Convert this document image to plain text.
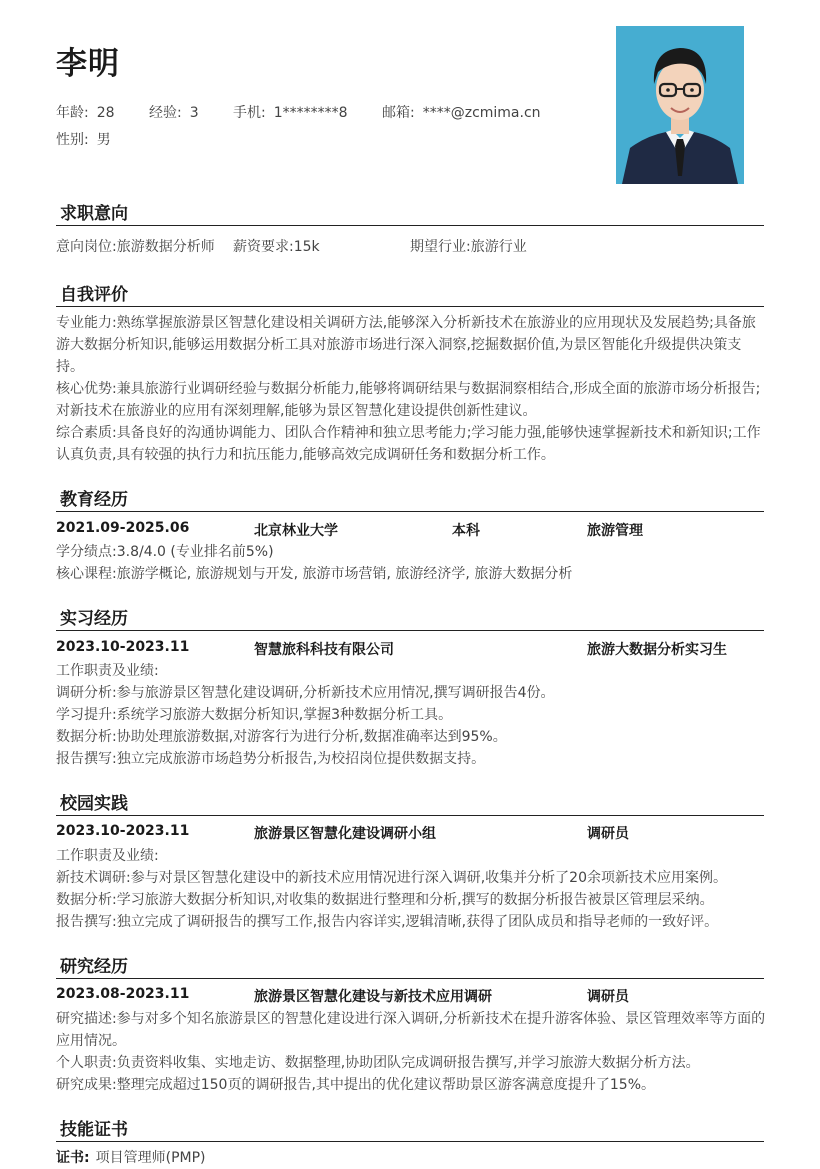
李明
年龄: 28 经验: 3 手机: 1********8 邮箱: ****@zcmima.cn
性别: 男
求职意向
意向岗位:旅游数据分析师 薪资要求:15k	期望行业:旅游行业
自我评价
专业能力:熟练掌握旅游景区智慧化建设相关调研方法,能够深入分析新技术在旅游业的应用现状及发展趋势;具备旅游大数据分析知识,能够运用数据分析工具对旅游市场进行深入洞察,挖掘数据价值,为景区智能化升级提供决策支持。
核心优势:兼具旅游行业调研经验与数据分析能力,能够将调研结果与数据洞察相结合,形成全面的旅游市场分析报告;对新技术在旅游业的应用有深刻理解,能够为景区智慧化建设提供创新性建议。
综合素质:具备良好的沟通协调能力、团队合作精神和独立思考能力;学习能力强,能够快速掌握新技术和新知识;工作认真负责,具有较强的执行力和抗压能力,能够高效完成调研任务和数据分析工作。
教育经历
2021.09-2025.06	北京林业大学	本科	旅游管理
学分绩点:3.8/4.0 (专业排名前5%)
核心课程:旅游学概论, 旅游规划与开发, 旅游市场营销, 旅游经济学, 旅游大数据分析
实习经历
2023.10-2023.11	智慧旅科科技有限公司	旅游大数据分析实习生
工作职责及业绩:
调研分析:参与旅游景区智慧化建设调研,分析新技术应用情况,撰写调研报告4份。
学习提升:系统学习旅游大数据分析知识,掌握3种数据分析工具。
数据分析:协助处理旅游数据,对游客行为进行分析,数据准确率达到95%。
报告撰写:独立完成旅游市场趋势分析报告,为校招岗位提供数据支持。
校园实践
2023.10-2023.11	旅游景区智慧化建设调研小组	调研员
工作职责及业绩:
新技术调研:参与对景区智慧化建设中的新技术应用情况进行深入调研,收集并分析了20余项新技术应用案例。
数据分析:学习旅游大数据分析知识,对收集的数据进行整理和分析,撰写的数据分析报告被景区管理层采纳。
报告撰写:独立完成了调研报告的撰写工作,报告内容详实,逻辑清晰,获得了团队成员和指导老师的一致好评。
研究经历
2023.08-2023.11	旅游景区智慧化建设与新技术应用调研	调研员
研究描述:参与对多个知名旅游景区的智慧化建设进行深入调研,分析新技术在提升游客体验、景区管理效率等方面的应用情况。
个人职责:负责资料收集、实地走访、数据整理,协助团队完成调研报告撰写,并学习旅游大数据分析方法。
研究成果:整理完成超过150页的调研报告,其中提出的优化建议帮助景区游客满意度提升了15%。
技能证书
证书: 项目管理师(PMP)
